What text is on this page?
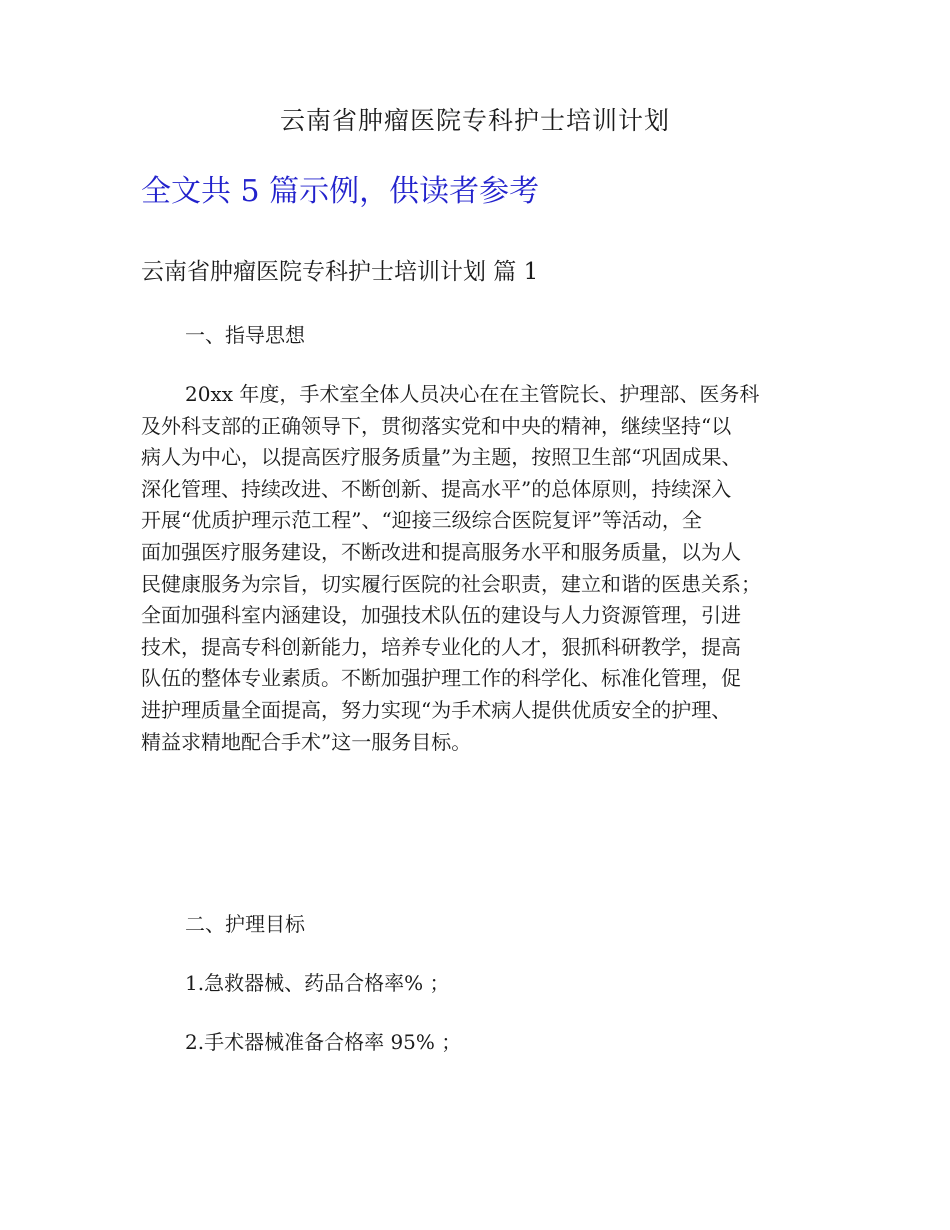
云南省肿瘤医院专科护士培训计划
全文共 5 篇示例，供读者参考
云南省肿瘤医院专科护士培训计划 篇 1
一、指导思想
20xx 年度，手术室全体人员决心在在主管院长、护理部、医务科
及外科支部的正确领导下，贯彻落实党和中央的精神，继续坚持“以
病人为中心，以提高医疗服务质量”为主题，按照卫生部“巩固成果、
深化管理、持续改进、不断创新、提高水平”的总体原则，持续深入
开展“优质护理示范工程”、“迎接三级综合医院复评”等活动，全
面加强医疗服务建设，不断改进和提高服务水平和服务质量，以为人
民健康服务为宗旨，切实履行医院的社会职责，建立和谐的医患关系；
全面加强科室内涵建设，加强技术队伍的建设与人力资源管理，引进
技术，提高专科创新能力，培养专业化的人才，狠抓科研教学，提高
队伍的整体专业素质。不断加强护理工作的科学化、标准化管理，促
进护理质量全面提高，努力实现“为手术病人提供优质安全的护理、
精益求精地配合手术”这一服务目标。
二、护理目标

1.急救器械、药品合格率% ；

2.手术器械准备合格率 95% ；
